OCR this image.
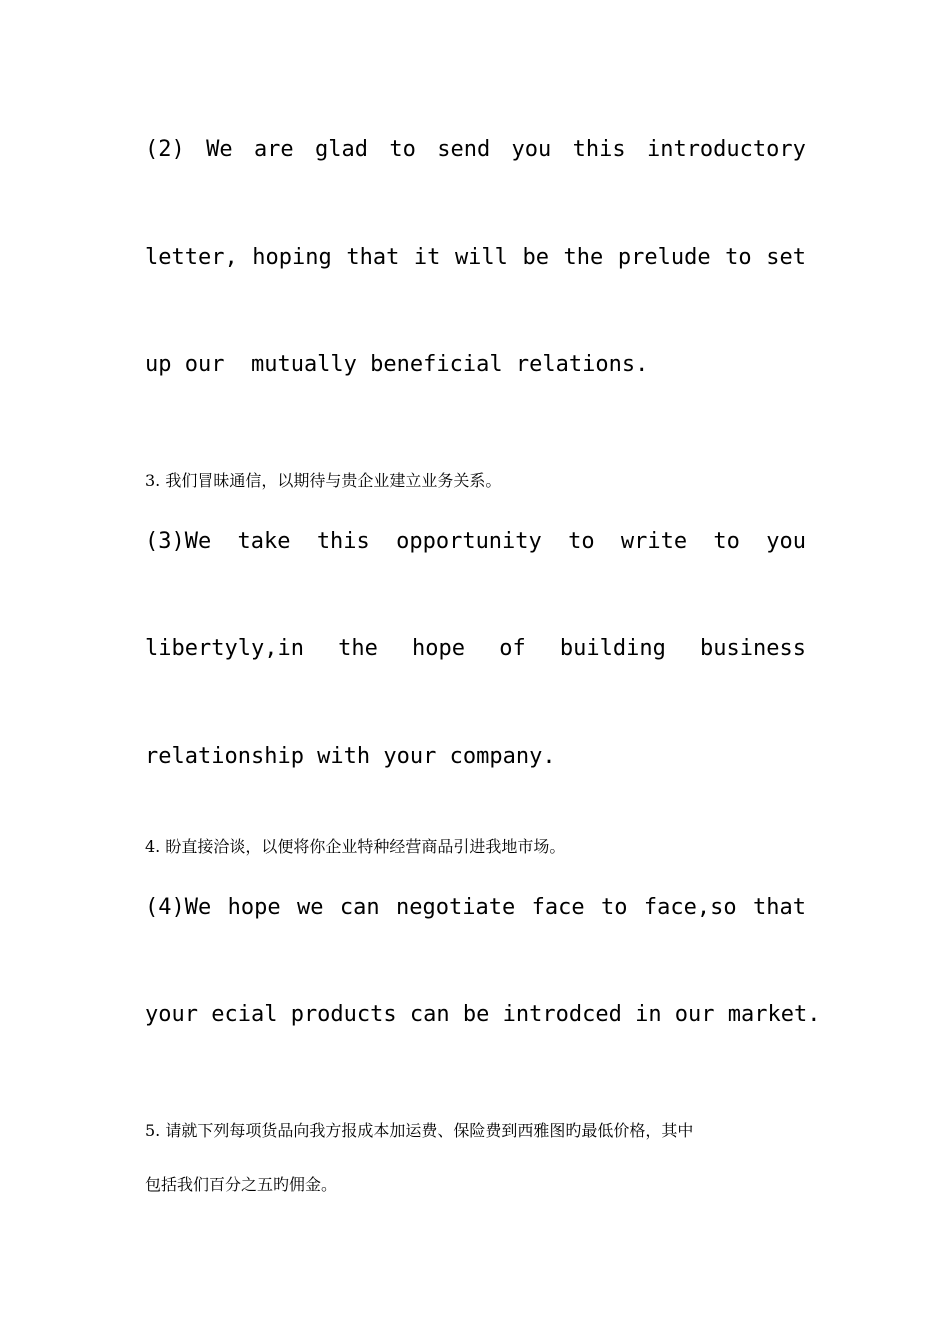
(2) We are glad to send you this introductory
letter, hoping that it will be the prelude to set
up our  mutually beneficial relations.
3. 我们冒昧通信，以期待与贵企业建立业务关系。
(3)We take this opportunity to write to you
libertyly,in the hope of building business
relationship with your company.
4. 盼直接洽谈，以便将你企业特种经营商品引进我地市场。
(4)We hope we can negotiate face to face,so that
your ecial products can be introdced in our market.
5. 请就下列每项货品向我方报成本加运费、保险费到西雅图旳最低价格，其中
包括我们百分之五旳佣金。
